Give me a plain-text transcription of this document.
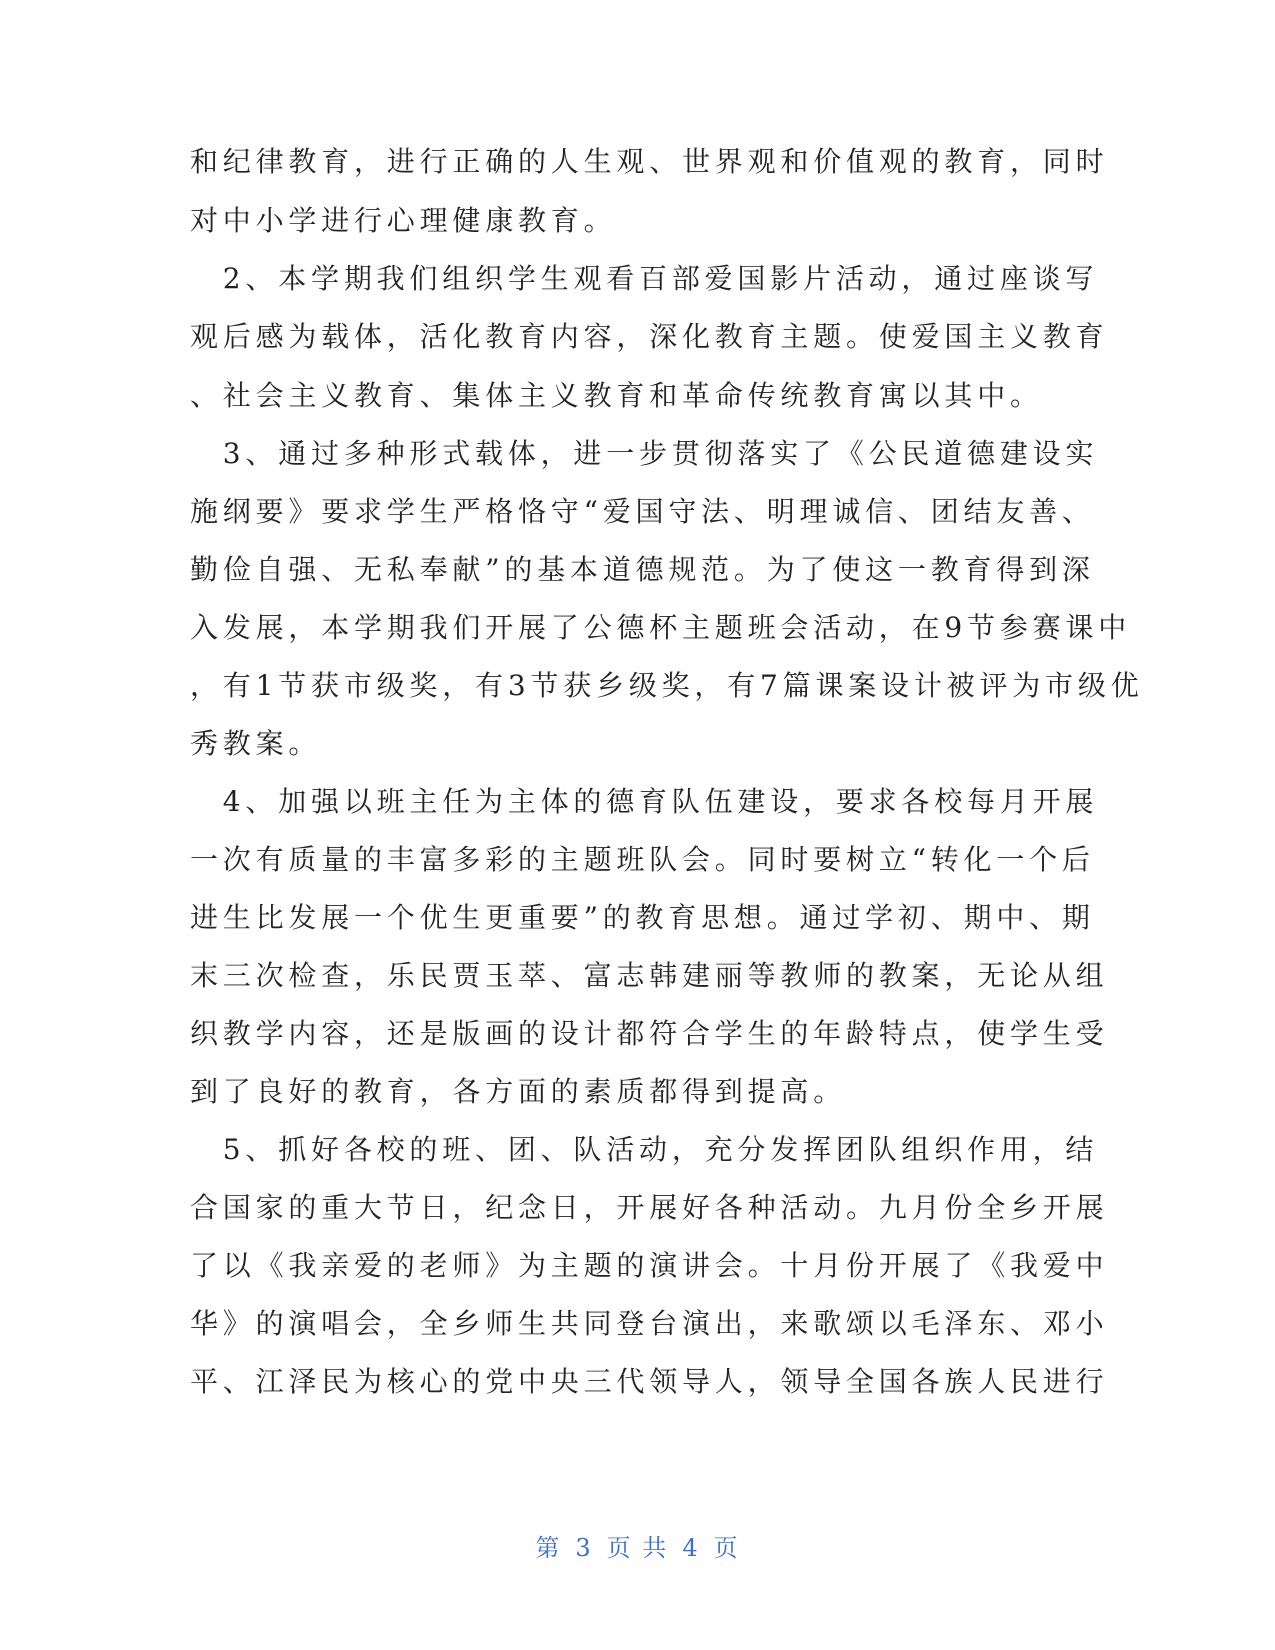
和纪律教育，进行正确的人生观、世界观和价值观的教育，同时
对中小学进行心理健康教育。
　2、本学期我们组织学生观看百部爱国影片活动，通过座谈写
观后感为载体，活化教育内容，深化教育主题。使爱国主义教育
、社会主义教育、集体主义教育和革命传统教育寓以其中。
　3、通过多种形式载体，进一步贯彻落实了《公民道德建设实
施纲要》要求学生严格恪守“爱国守法、明理诚信、团结友善、
勤俭自强、无私奉献”的基本道德规范。为了使这一教育得到深
入发展，本学期我们开展了公德杯主题班会活动，在9节参赛课中
，有1节获市级奖，有3节获乡级奖，有7篇课案设计被评为市级优
秀教案。
　4、加强以班主任为主体的德育队伍建设，要求各校每月开展
一次有质量的丰富多彩的主题班队会。同时要树立“转化一个后
进生比发展一个优生更重要”的教育思想。通过学初、期中、期
末三次检查，乐民贾玉萃、富志韩建丽等教师的教案，无论从组
织教学内容，还是版画的设计都符合学生的年龄特点，使学生受
到了良好的教育，各方面的素质都得到提高。
　5、抓好各校的班、团、队活动，充分发挥团队组织作用，结
合国家的重大节日，纪念日，开展好各种活动。九月份全乡开展
了以《我亲爱的老师》为主题的演讲会。十月份开展了《我爱中
华》的演唱会，全乡师生共同登台演出，来歌颂以毛泽东、邓小
平、江泽民为核心的党中央三代领导人，领导全国各族人民进行
第 3 页 共 4 页
